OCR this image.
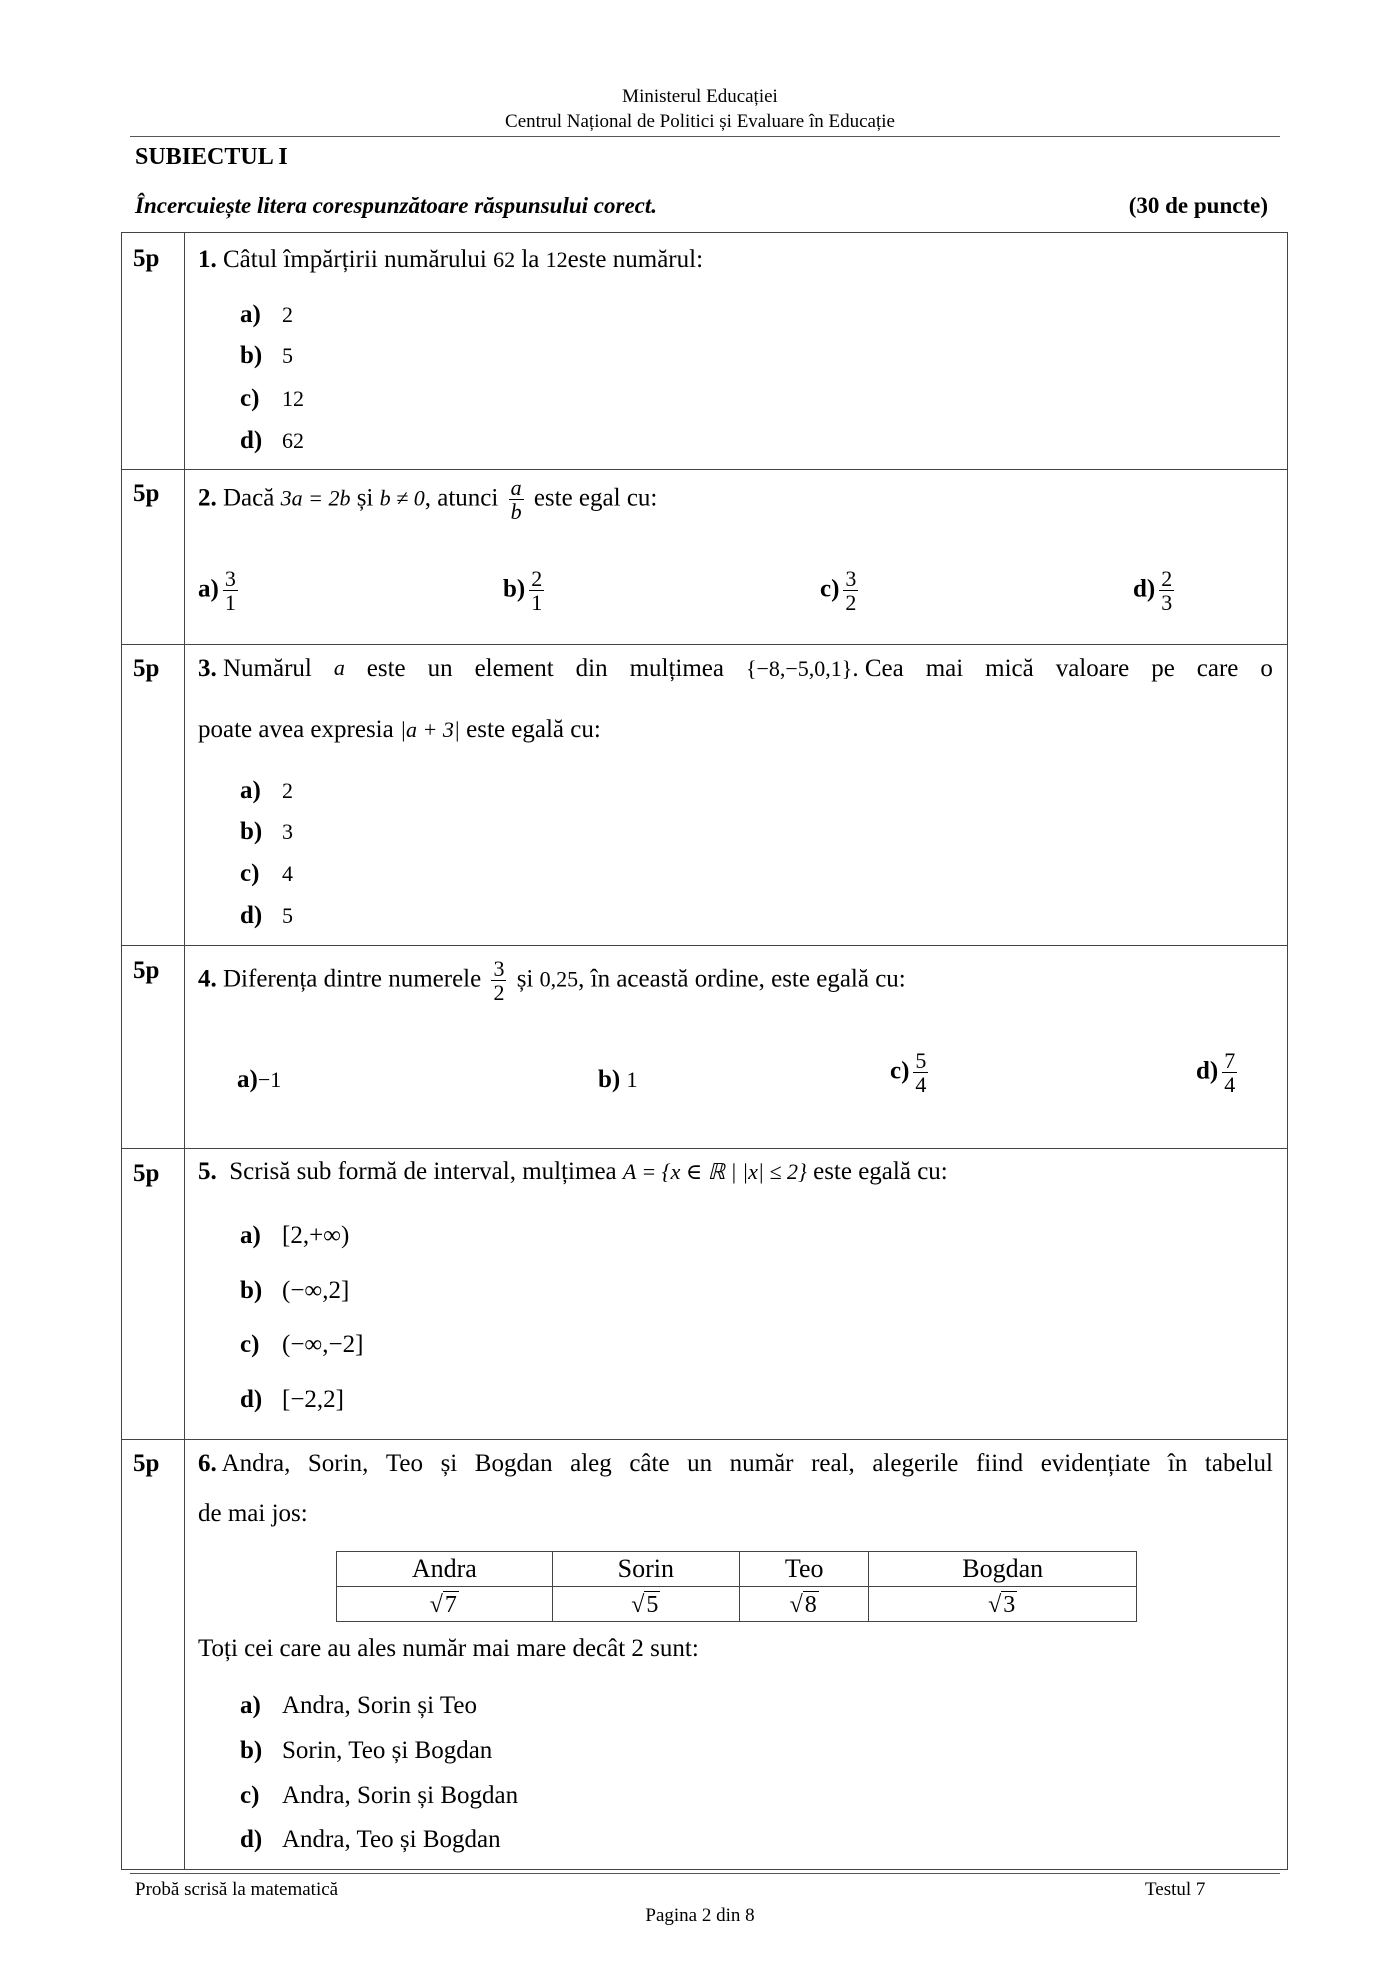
Ministerul Educației
Centrul Național de Politici și Evaluare în Educație
SUBIECTUL I
Încercuiește litera corespunzătoare răspunsului corect.	(30 de puncte)
5p 1. Câtul împărțirii numărului 62 la 12este numărul:
a) 2
b) 5
c) 12
d) 62
5p 2. Dacă 3a = 2b și b ≠ 0, atunci $\frac{a}{b}$ este egal cu:
$a) \frac{3}{1}$	$b) \frac{2}{1}$	$c) \frac{3}{2}$	$d) \frac{2}{3}$
5p 3. Numărul a este un element din mulțimea {−8,−5,0,1}. Cea mai mică valoare pe care o
poate avea expresia |a + 3| este egală cu:
a) 2
b) 3
c) 4
d) 5
5p 4. Diferența dintre numerele $\frac{3}{2}$ și 0,25, în această ordine, este egală cu:
a)−1	b) 1	$c) \frac{5}{4}$	$d) \frac{7}{4}$
5p 5. Scrisă sub formă de interval, mulțimea A = {x ∈ ℝ | |x| ≤ 2} este egală cu:
a) [2,+∞)
b) (−∞,2]
c) (−∞,−2]
d) [−2,2]
5p 6. Andra, Sorin, Teo și Bogdan aleg câte un număr real, alegerile fiind evidențiate în tabelul
de mai jos:
Andra	Sorin	Teo	Bogdan
√7	√5	√8	√3
Toți cei care au ales număr mai mare decât 2 sunt:
a) Andra, Sorin și Teo
b) Sorin, Teo și Bogdan
c) Andra, Sorin și Bogdan
d) Andra, Teo și Bogdan
Probă scrisă la matematică	Testul 7
Pagina 2 din 8
